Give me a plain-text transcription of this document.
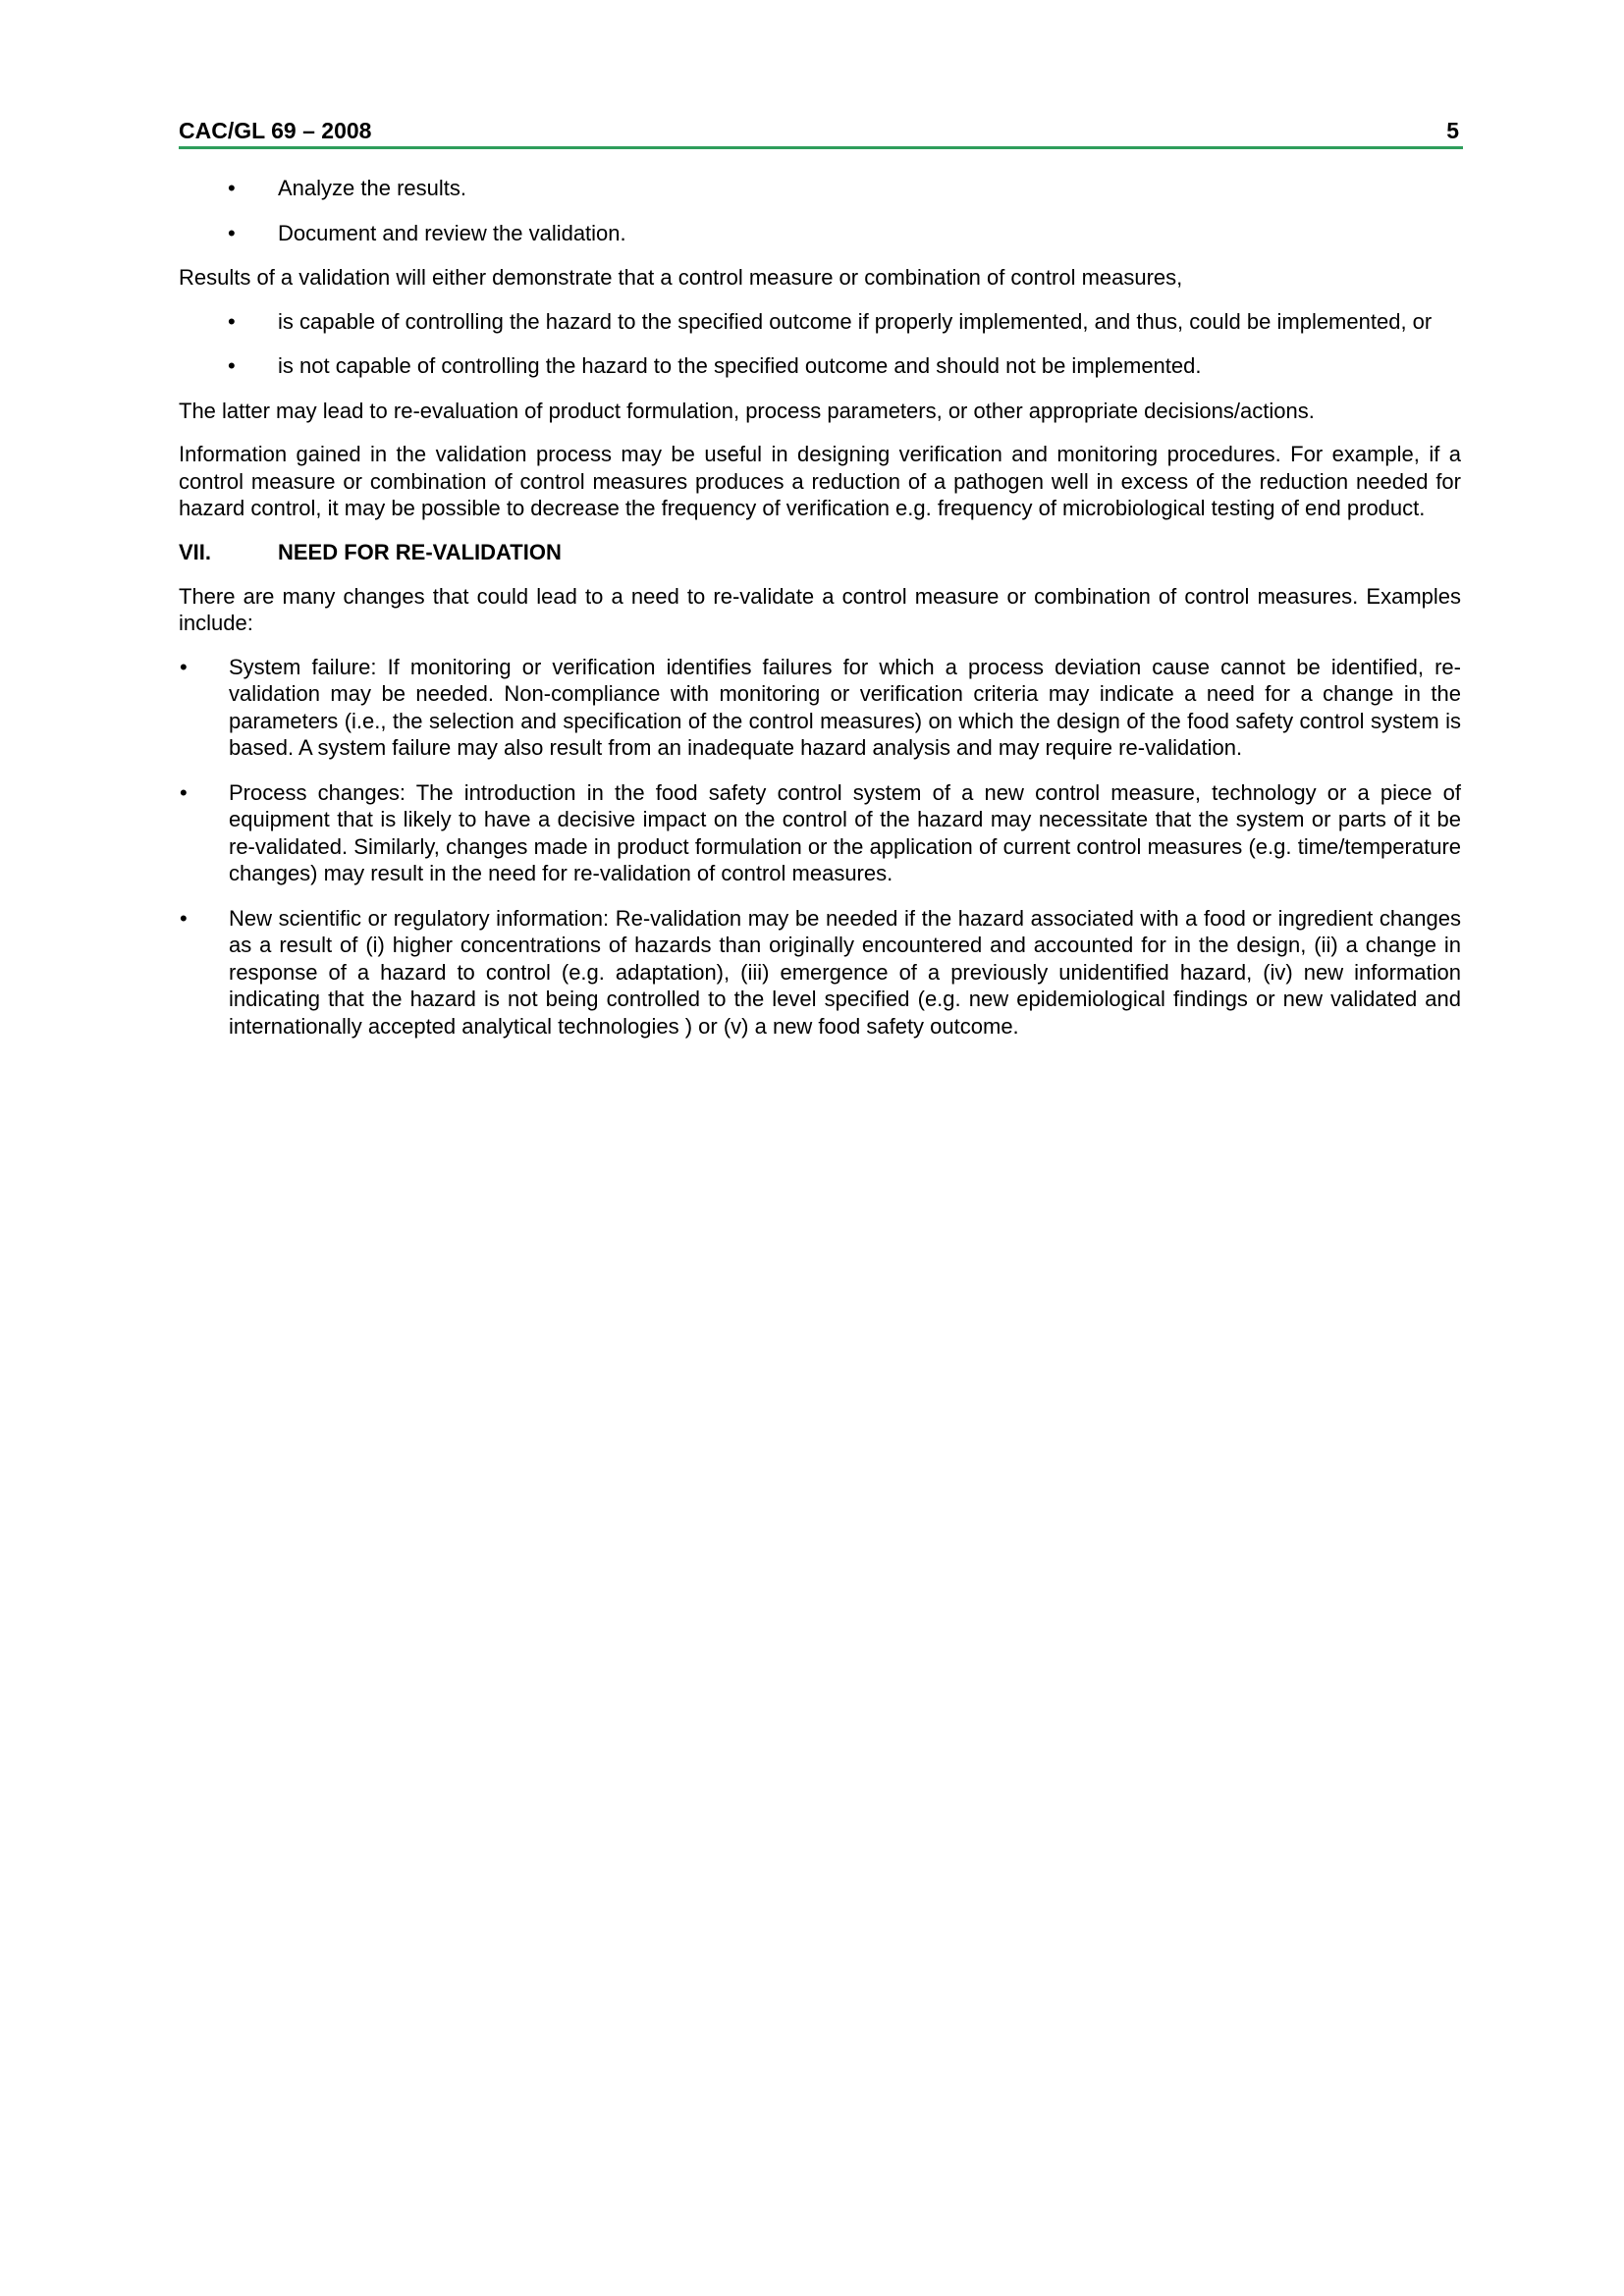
CAC/GL 69 – 2008	5
• Analyze the results.
• Document and review the validation.

Results of a validation will either demonstrate that a control measure or combination of control measures,

• is capable of controlling the hazard to the specified outcome if properly implemented, and thus, could be implemented, or
• is not capable of controlling the hazard to the specified outcome and should not be implemented.

The latter may lead to re-evaluation of product formulation, process parameters, or other appropriate decisions/actions.

Information gained in the validation process may be useful in designing verification and monitoring procedures. For example, if a control measure or combination of control measures produces a reduction of a pathogen well in excess of the reduction needed for hazard control, it may be possible to decrease the frequency of verification e.g. frequency of microbiological testing of end product.

VII.	NEED FOR RE-VALIDATION

There are many changes that could lead to a need to re-validate a control measure or combination of control measures. Examples include:

• System failure: If monitoring or verification identifies failures for which a process deviation cause cannot be identified, re-validation may be needed. Non-compliance with monitoring or verification criteria may indicate a need for a change in the parameters (i.e., the selection and specification of the control measures) on which the design of the food safety control system is based. A system failure may also result from an inadequate hazard analysis and may require re-validation.
• Process changes: The introduction in the food safety control system of a new control measure, technology or a piece of equipment that is likely to have a decisive impact on the control of the hazard may necessitate that the system or parts of it be re-validated. Similarly, changes made in product formulation or the application of current control measures (e.g. time/temperature changes) may result in the need for re-validation of control measures.
• New scientific or regulatory information: Re-validation may be needed if the hazard associated with a food or ingredient changes as a result of (i) higher concentrations of hazards than originally encountered and accounted for in the design, (ii) a change in response of a hazard to control (e.g. adaptation), (iii) emergence of a previously unidentified hazard, (iv) new information indicating that the hazard is not being controlled to the level specified (e.g. new epidemiological findings or new validated and internationally accepted analytical technologies ) or (v) a new food safety outcome.
